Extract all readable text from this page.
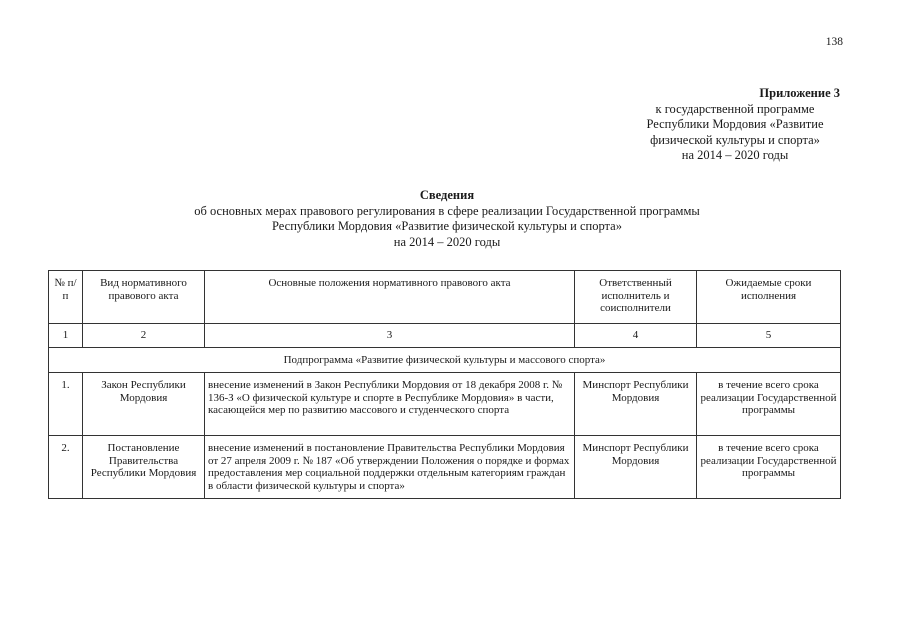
138
Приложение 3
к государственной программе
Республики Мордовия «Развитие
физической культуры и спорта»
на 2014 – 2020 годы
Сведения
об основных мерах правового регулирования в сфере реализации Государственной программы
Республики Мордовия «Развитие физической культуры и спорта»
на 2014 – 2020 годы
№ п/п	Вид нормативного правового акта	Основные положения нормативного правового акта	Ответственный исполнитель и соисполнители	Ожидаемые сроки исполнения
1	2	3	4	5
Подпрограмма «Развитие физической культуры и массового спорта»				
1.	Закон Республики Мордовия	внесение изменений в Закон Республики Мордовия от 18 декабря 2008 г. № 136-З «О физической культуре и спорте в Республике Мордовия» в части, касающейся мер по развитию массового и студенческого спорта	Минспорт Республики Мордовия	в течение всего срока реализации Государственной программы
2.	Постановление Правительства Республики Мордовия	внесение изменений в постановление Правительства Республики Мордовия от 27 апреля 2009 г. № 187 «Об утверждении Положения о порядке и формах предоставления мер социальной поддержки отдельным категориям граждан в области физической культуры и спорта»	Минспорт Республики Мордовия	в течение всего срока реализации Государственной программы
